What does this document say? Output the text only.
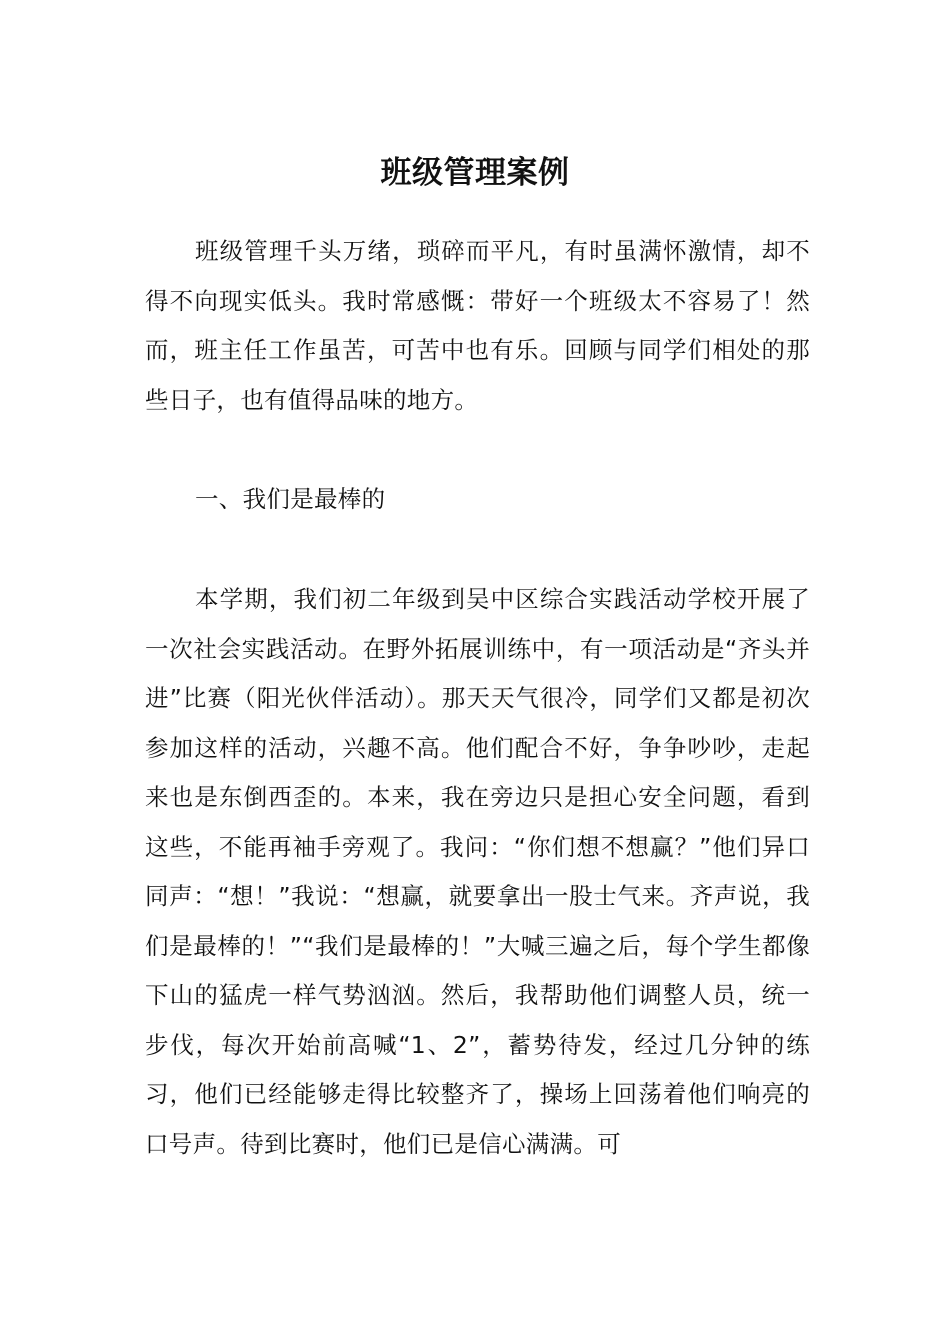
班级管理案例

班级管理千头万绪，琐碎而平凡，有时虽满怀激情，却不得不向现实低头。我时常感慨：带好一个班级太不容易了！然而，班主任工作虽苦，可苦中也有乐。回顾与同学们相处的那些日子，也有值得品味的地方。

一、我们是最棒的

本学期，我们初二年级到吴中区综合实践活动学校开展了一次社会实践活动。在野外拓展训练中，有一项活动是“齐头并进”比赛（阳光伙伴活动）。那天天气很冷，同学们又都是初次参加这样的活动，兴趣不高。他们配合不好，争争吵吵，走起来也是东倒西歪的。本来，我在旁边只是担心安全问题，看到这些，不能再袖手旁观了。我问：“你们想不想赢？”他们异口同声：“想！”我说：“想赢，就要拿出一股士气来。齐声说，我们是最棒的！”“我们是最棒的！”大喊三遍之后，每个学生都像下山的猛虎一样气势汹汹。然后，我帮助他们调整人员，统一步伐，每次开始前高喊“1、2”，蓄势待发，经过几分钟的练习，他们已经能够走得比较整齐了，操场上回荡着他们响亮的口号声。待到比赛时，他们已是信心满满。可
